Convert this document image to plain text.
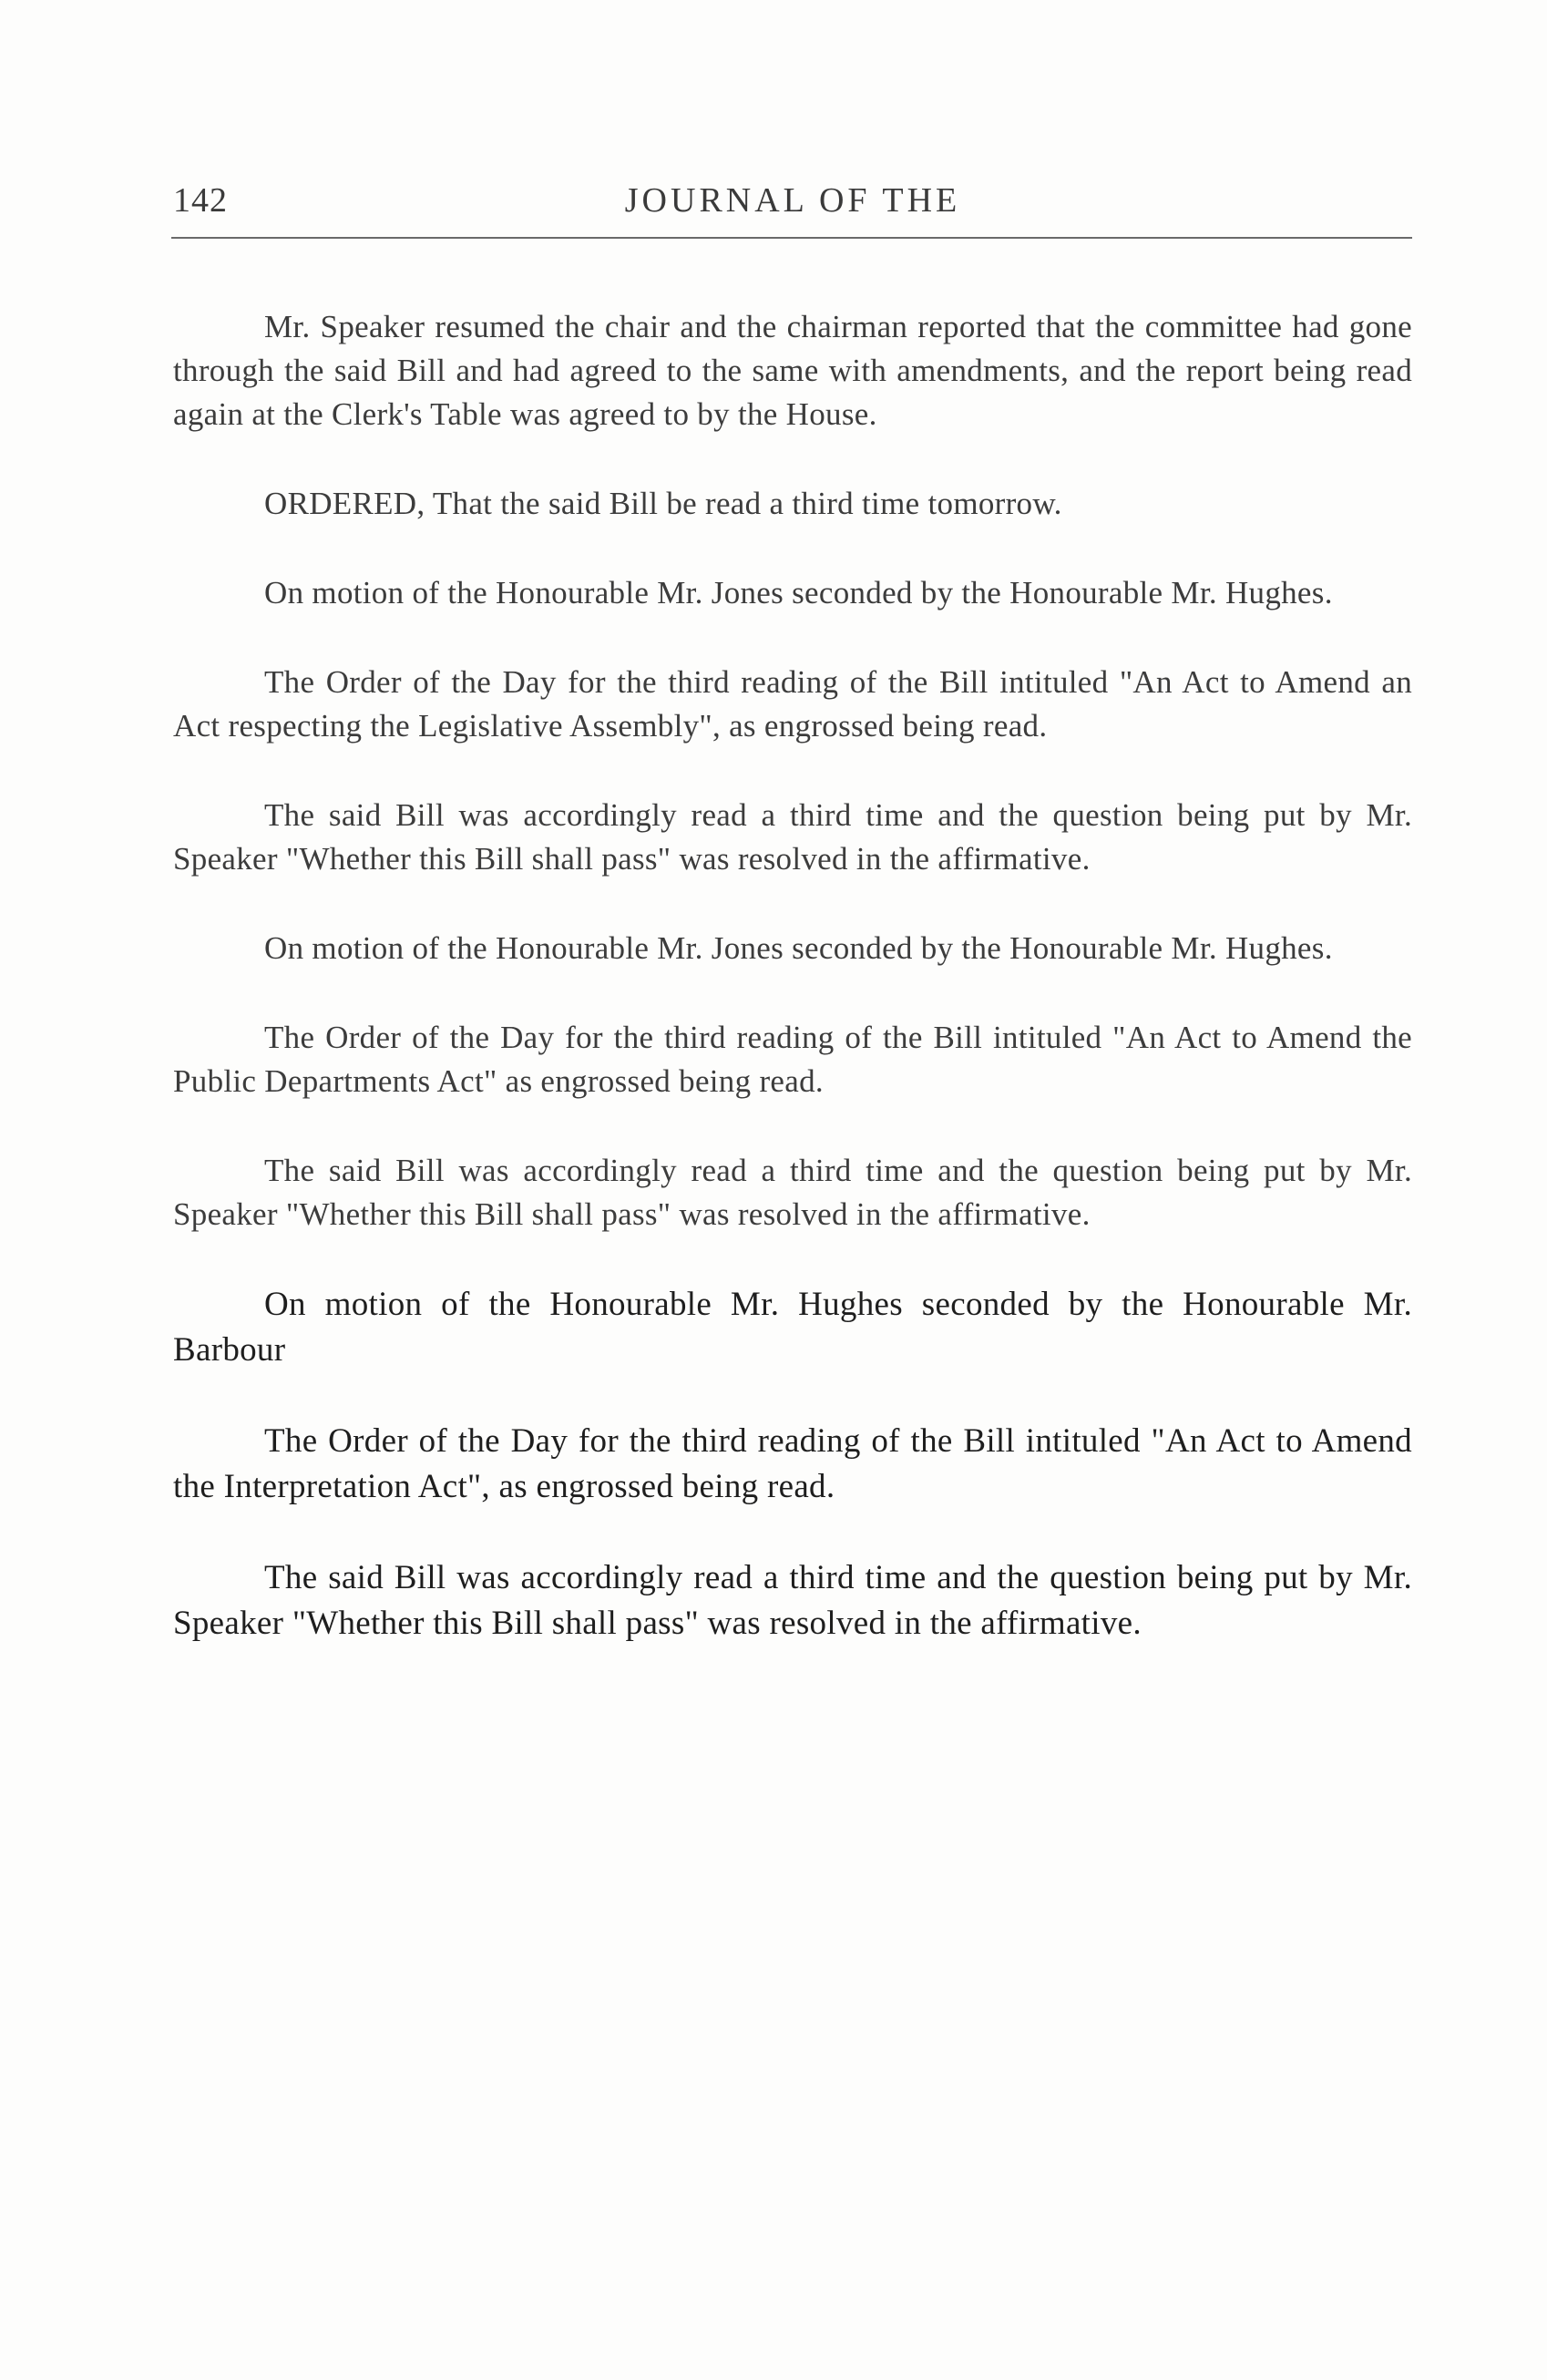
142	JOURNAL OF THE

Mr. Speaker resumed the chair and the chairman reported that the committee had gone through the said Bill and had agreed to the same with amendments, and the report being read again at the Clerk's Table was agreed to by the House.

ORDERED, That the said Bill be read a third time tomorrow.

On motion of the Honourable Mr. Jones seconded by the Honourable Mr. Hughes.

The Order of the Day for the third reading of the Bill intituled "An Act to Amend an Act respecting the Legislative Assembly", as engrossed being read.

The said Bill was accordingly read a third time and the question being put by Mr. Speaker "Whether this Bill shall pass" was resolved in the affirmative.

On motion of the Honourable Mr. Jones seconded by the Honourable Mr. Hughes.

The Order of the Day for the third reading of the Bill intituled "An Act to Amend the Public Departments Act" as engrossed being read.

The said Bill was accordingly read a third time and the question being put by Mr. Speaker "Whether this Bill shall pass" was resolved in the affirmative.

On motion of the Honourable Mr. Hughes seconded by the Honourable Mr. Barbour

The Order of the Day for the third reading of the Bill intituled "An Act to Amend the Interpretation Act", as engrossed being read.

The said Bill was accordingly read a third time and the question being put by Mr. Speaker "Whether this Bill shall pass" was resolved in the affirmative.
